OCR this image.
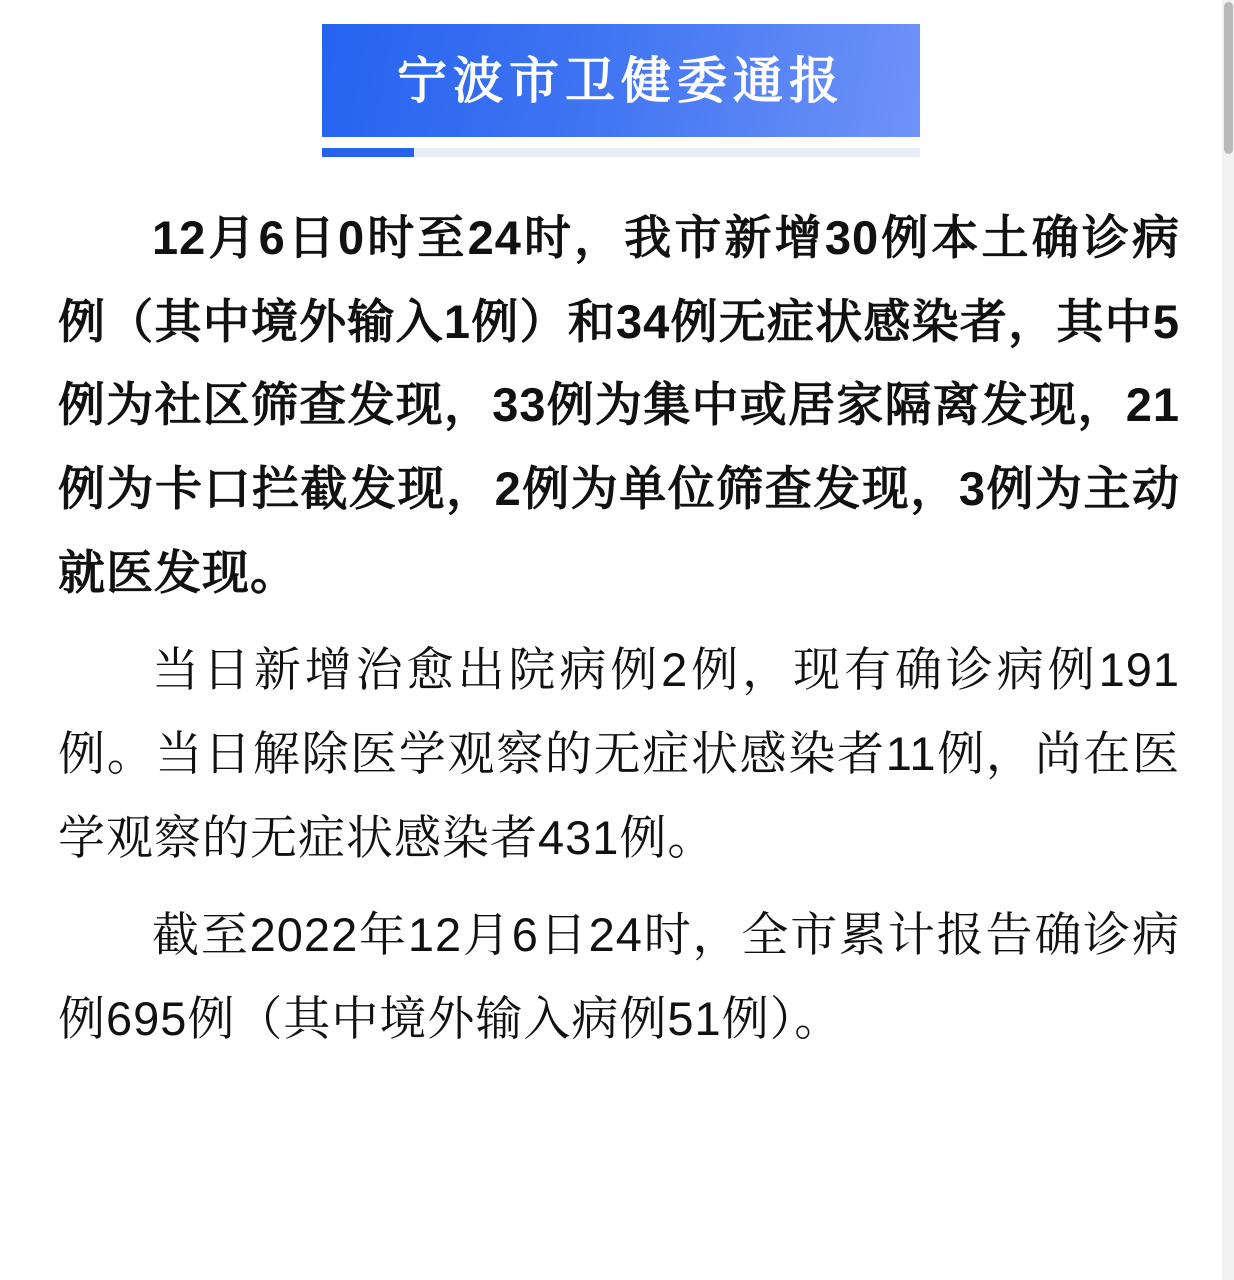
宁波市卫健委通报

12月6日0时至24时，我市新增30例本土确诊病例（其中境外输入1例）和34例无症状感染者，其中5例为社区筛查发现，33例为集中或居家隔离发现，21例为卡口拦截发现，2例为单位筛查发现，3例为主动就医发现。

当日新增治愈出院病例2例，现有确诊病例191例。当日解除医学观察的无症状感染者11例，尚在医学观察的无症状感染者431例。

截至2022年12月6日24时，全市累计报告确诊病例695例（其中境外输入病例51例）。
